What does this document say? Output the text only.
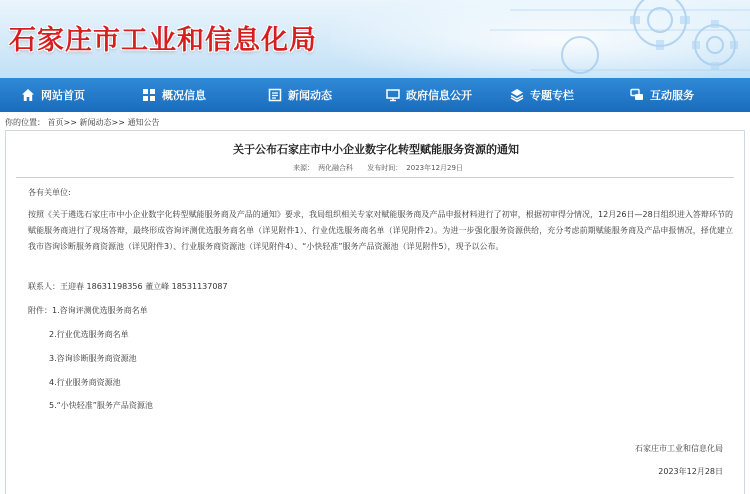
石家庄市工业和信息化局
网站首页	概况信息	新闻动态	政府信息公开	专题专栏	互动服务
你的位置： 首页>> 新闻动态>> 通知公告
关于公布石家庄市中小企业数字化转型赋能服务资源的通知
来源： 两化融合科 发布时间： 2023年12月29日
各有关单位:
按照《关于遴选石家庄市中小企业数字化转型赋能服务商及产品的通知》要求，我局组织相关专家对赋能服务商及产品申报材料进行了初审，根据初审得分情况，12月26日—28日组织进入答辩环节的赋能服务商进行了现场答辩，最终形成咨询评测优选服务商名单（详见附件1）、行业优选服务商名单（详见附件2）。为进一步强化服务资源供给，充分考虑前期赋能服务商及产品申报情况，择优建立我市咨询诊断服务商资源池（详见附件3）、行业服务商资源池（详见附件4）、“小快轻准”服务产品资源池（详见附件5），现予以公布。
联系人：王迎春 18631198356 董立峰 18531137087
附件：1.咨询评测优选服务商名单
2.行业优选服务商名单
3.咨询诊断服务商资源池
4.行业服务商资源池
5.“小快轻准”服务产品资源池
石家庄市工业和信息化局
2023年12月28日
